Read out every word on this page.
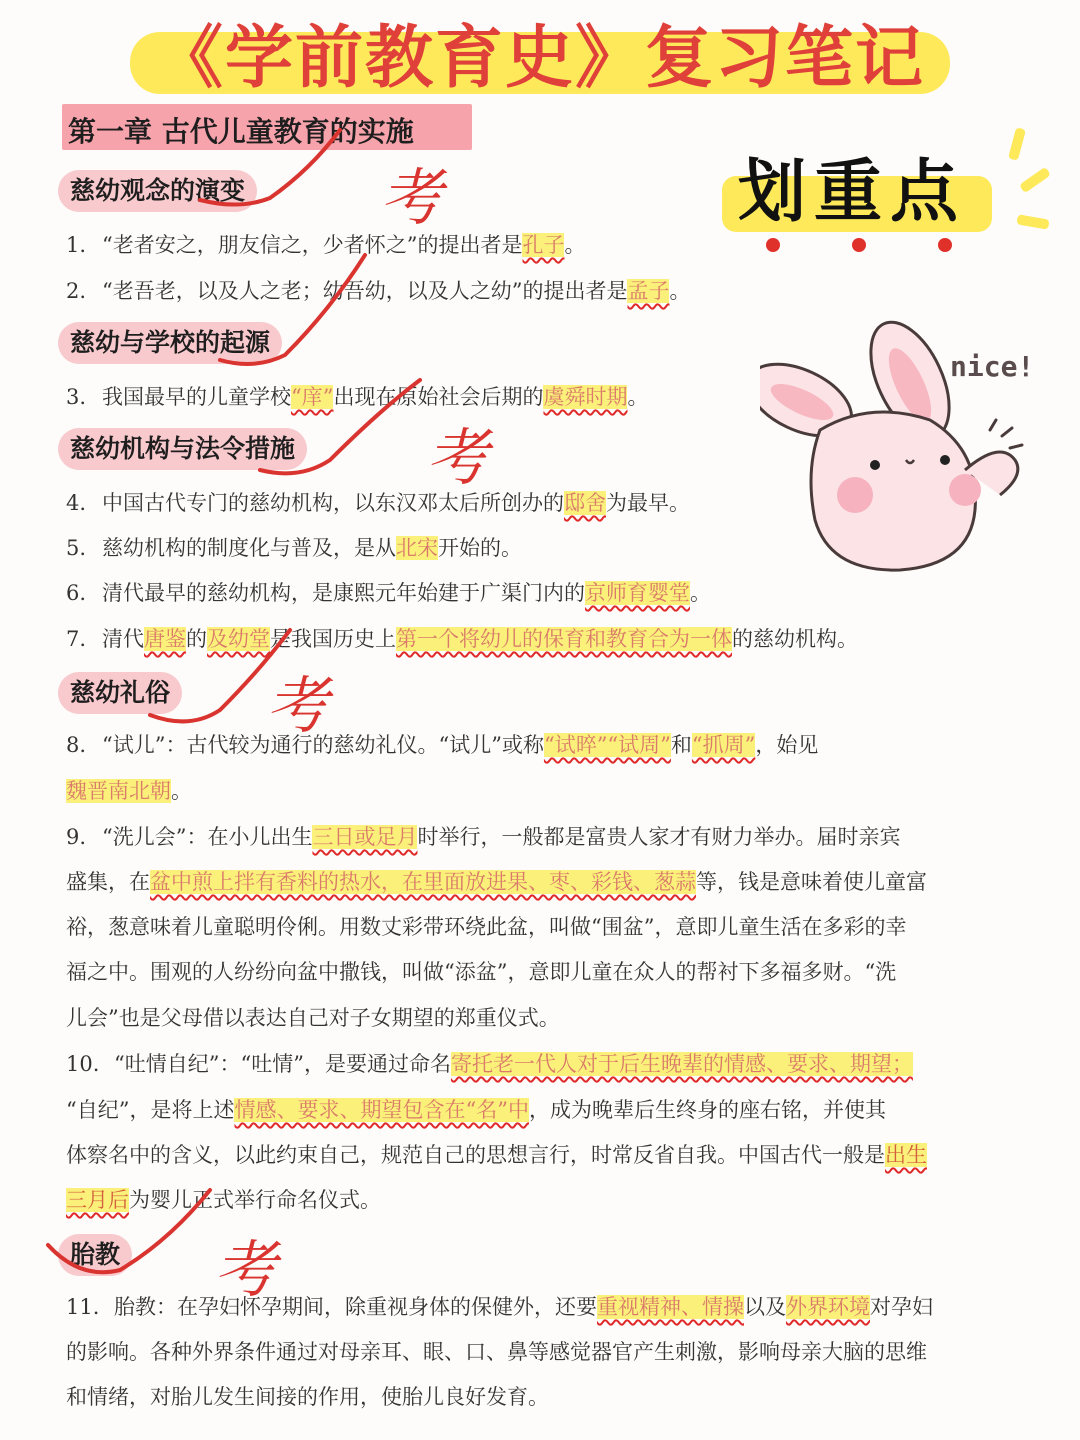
《学前教育史》复习笔记
第一章 古代儿童教育的实施
划重点
慈幼观念的演变 考
1. “老者安之，朋友信之，少者怀之”的提出者是孔子。
2. “老吾老，以及人之老；幼吾幼，以及人之幼”的提出者是孟子。
慈幼与学校的起源
3. 我国最早的儿童学校“庠”出现在原始社会后期的虞舜时期。
慈幼机构与法令措施 考
4. 中国古代专门的慈幼机构，以东汉邓太后所创办的邸舍为最早。
5. 慈幼机构的制度化与普及，是从北宋开始的。
6. 清代最早的慈幼机构，是康熙元年始建于广渠门内的京师育婴堂。
7. 清代唐鉴的及幼堂是我国历史上第一个将幼儿的保育和教育合为一体的慈幼机构。
慈幼礼俗 考
8. “试儿”：古代较为通行的慈幼礼仪。“试儿”或称“试晬”“试周”和“抓周”，始见
魏晋南北朝。
9. “洗儿会”：在小儿出生三日或足月时举行，一般都是富贵人家才有财力举办。届时亲宾
盛集，在盆中煎上拌有香料的热水，在里面放进果、枣、彩钱、葱蒜等，钱是意味着使儿童富
裕，葱意味着儿童聪明伶俐。用数丈彩带环绕此盆，叫做“围盆”，意即儿童生活在多彩的幸
福之中。围观的人纷纷向盆中撒钱，叫做“添盆”，意即儿童在众人的帮衬下多福多财。“洗
儿会”也是父母借以表达自己对子女期望的郑重仪式。
10. “吐情自纪”：“吐情”，是要通过命名寄托老一代人对于后生晚辈的情感、要求、期望；
“自纪”，是将上述情感、要求、期望包含在“名”中，成为晚辈后生终身的座右铭，并使其
体察名中的含义，以此约束自己，规范自己的思想言行，时常反省自我。中国古代一般是出生
三月后为婴儿正式举行命名仪式。
胎教 考
11. 胎教：在孕妇怀孕期间，除重视身体的保健外，还要重视精神、情操以及外界环境对孕妇
的影响。各种外界条件通过对母亲耳、眼、口、鼻等感觉器官产生刺激，影响母亲大脑的思维
和情绪，对胎儿发生间接的作用，使胎儿良好发育。
nice!
